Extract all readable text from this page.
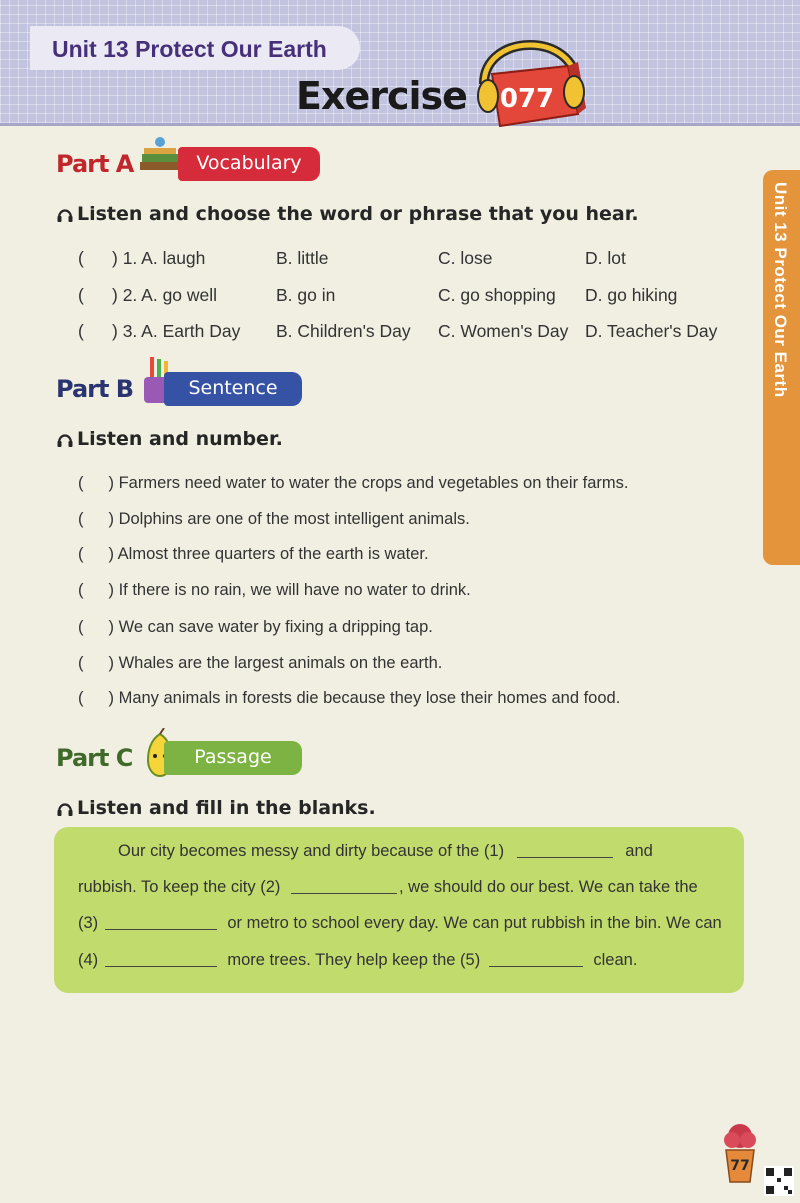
Unit 13 Protect Our Earth
Exercise 077
Unit 13 Protect Our Earth
Part A	Vocabulary
Listen and choose the word or phrase that you hear.
( ) 1. A. laugh	B. little	C. lose	D. lot
( ) 2. A. go well	B. go in	C. go shopping D. go hiking
( ) 3. A. Earth Day B. Children's Day C. Women's Day D. Teacher's Day
Part B	Sentence
Listen and number.
( ) Farmers need water to water the crops and vegetables on their farms.
( ) Dolphins are one of the most intelligent animals.
( ) Almost three quarters of the earth is water.
( ) If there is no rain, we will have no water to drink.
( ) We can save water by fixing a dripping tap.
( ) Whales are the largest animals on the earth.
( ) Many animals in forests die because they lose their homes and food.
Part C	Passage
Listen and fill in the blanks.
Our city becomes messy and dirty because of the (1)	and
rubbish. To keep the city (2)	, we should do our best. We can take the
(3)	or metro to school every day. We can put rubbish in the bin. We can
(4)	more trees. They help keep the (5)	clean.
77
